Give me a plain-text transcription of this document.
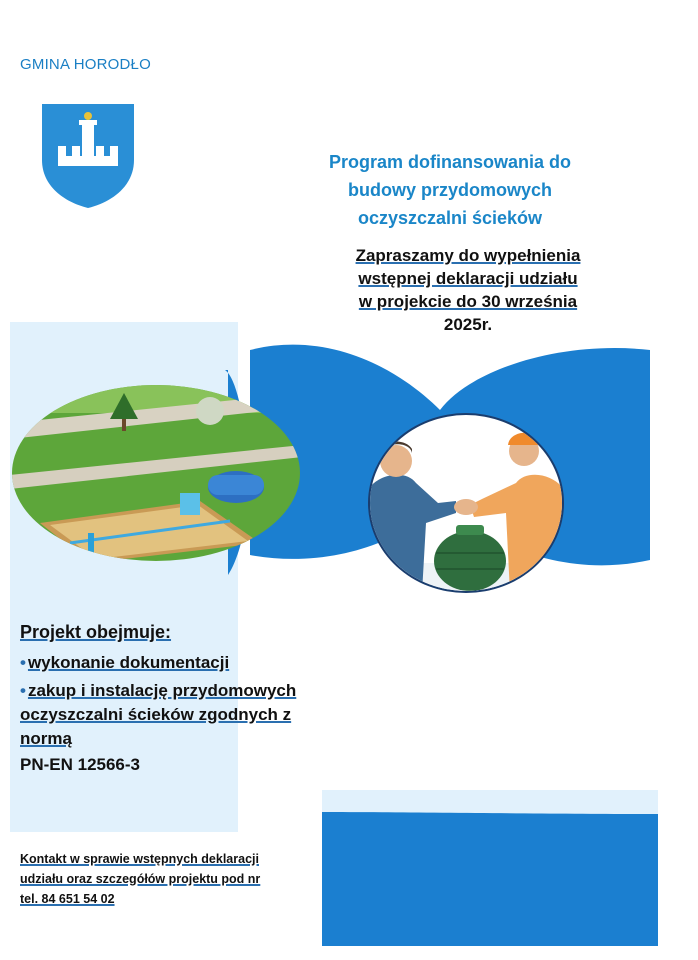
GMINA HORODŁO
Program dofinansowania do
budowy przydomowych
oczyszczalni ścieków
Zapraszamy do wypełnienia
wstępnej deklaracji udziału
w projekcie do 30 września
2025r.
Projekt obejmuje:
• wykonanie dokumentacji
• zakup i instalację przydomowych oczyszczalni ścieków zgodnych z normą
PN-EN 12566-3
Kontakt w sprawie wstępnych deklaracji
udziału oraz szczegółów projektu pod nr
tel. 84 651 54 02
